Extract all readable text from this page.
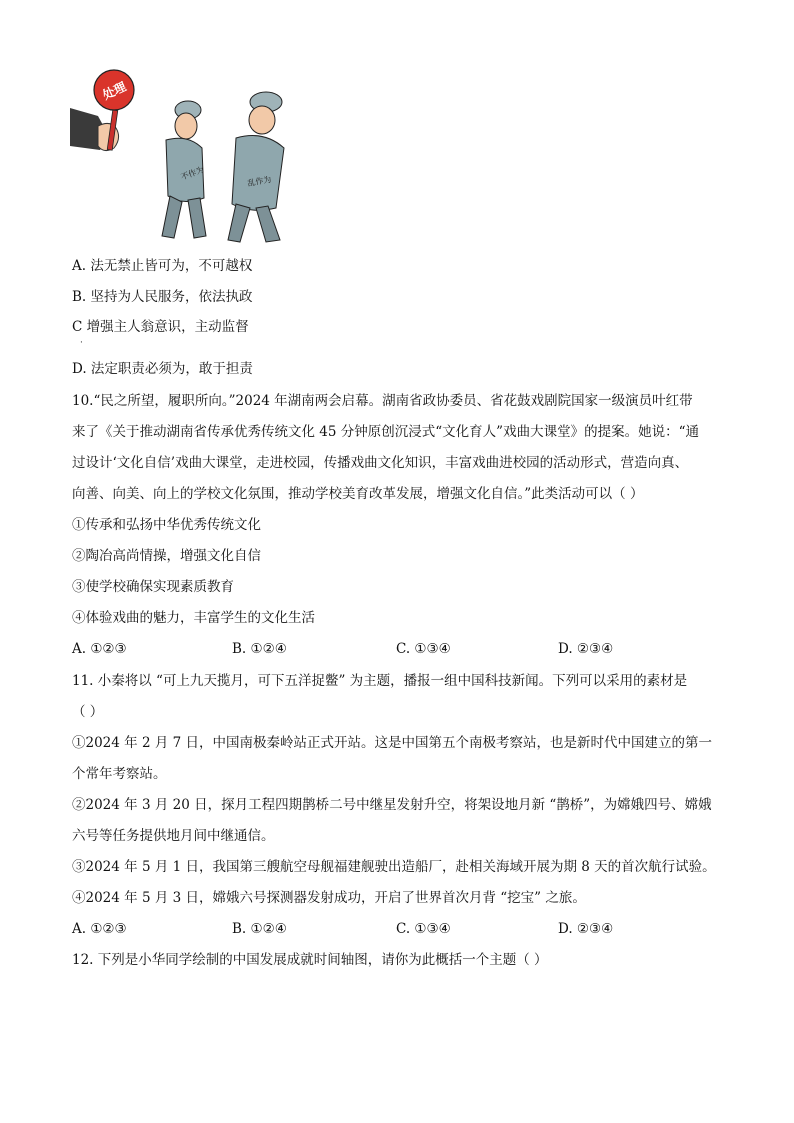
处理
不作为	乱作为
A. 法无禁止皆可为，不可越权
B. 坚持为人民服务，依法执政
C 增强主人翁意识，主动监督
·
D. 法定职责必须为，敢于担责
10.“民之所望，履职所向。”2024 年湖南两会启幕。湖南省政协委员、省花鼓戏剧院国家一级演员叶红带
来了《关于推动湖南省传承优秀传统文化 45 分钟原创沉浸式“文化育人”戏曲大课堂》的提案。她说：“通
过设计‘文化自信’戏曲大课堂，走进校园，传播戏曲文化知识，丰富戏曲进校园的活动形式，营造向真、
向善、向美、向上的学校文化氛围，推动学校美育改革发展，增强文化自信。”此类活动可以（ ）
①传承和弘扬中华优秀传统文化
②陶冶高尚情操，增强文化自信
③使学校确保实现素质教育
④体验戏曲的魅力，丰富学生的文化生活
A. ①②③	B. ①②④	C. ①③④	D. ②③④
11. 小秦将以 “可上九天揽月，可下五洋捉鳖” 为主题，播报一组中国科技新闻。下列可以采用的素材是
（ ）
①2024 年 2 月 7 日，中国南极秦岭站正式开站。这是中国第五个南极考察站，也是新时代中国建立的第一
个常年考察站。
②2024 年 3 月 20 日，探月工程四期鹊桥二号中继星发射升空，将架设地月新 “鹊桥”，为嫦娥四号、嫦娥
六号等任务提供地月间中继通信。
③2024 年 5 月 1 日，我国第三艘航空母舰福建舰驶出造船厂，赴相关海域开展为期 8 天的首次航行试验。
④2024 年 5 月 3 日，嫦娥六号探测器发射成功，开启了世界首次月背 “挖宝” 之旅。
A. ①②③	B. ①②④	C. ①③④	D. ②③④
12. 下列是小华同学绘制的中国发展成就时间轴图，请你为此概括一个主题（ ）
